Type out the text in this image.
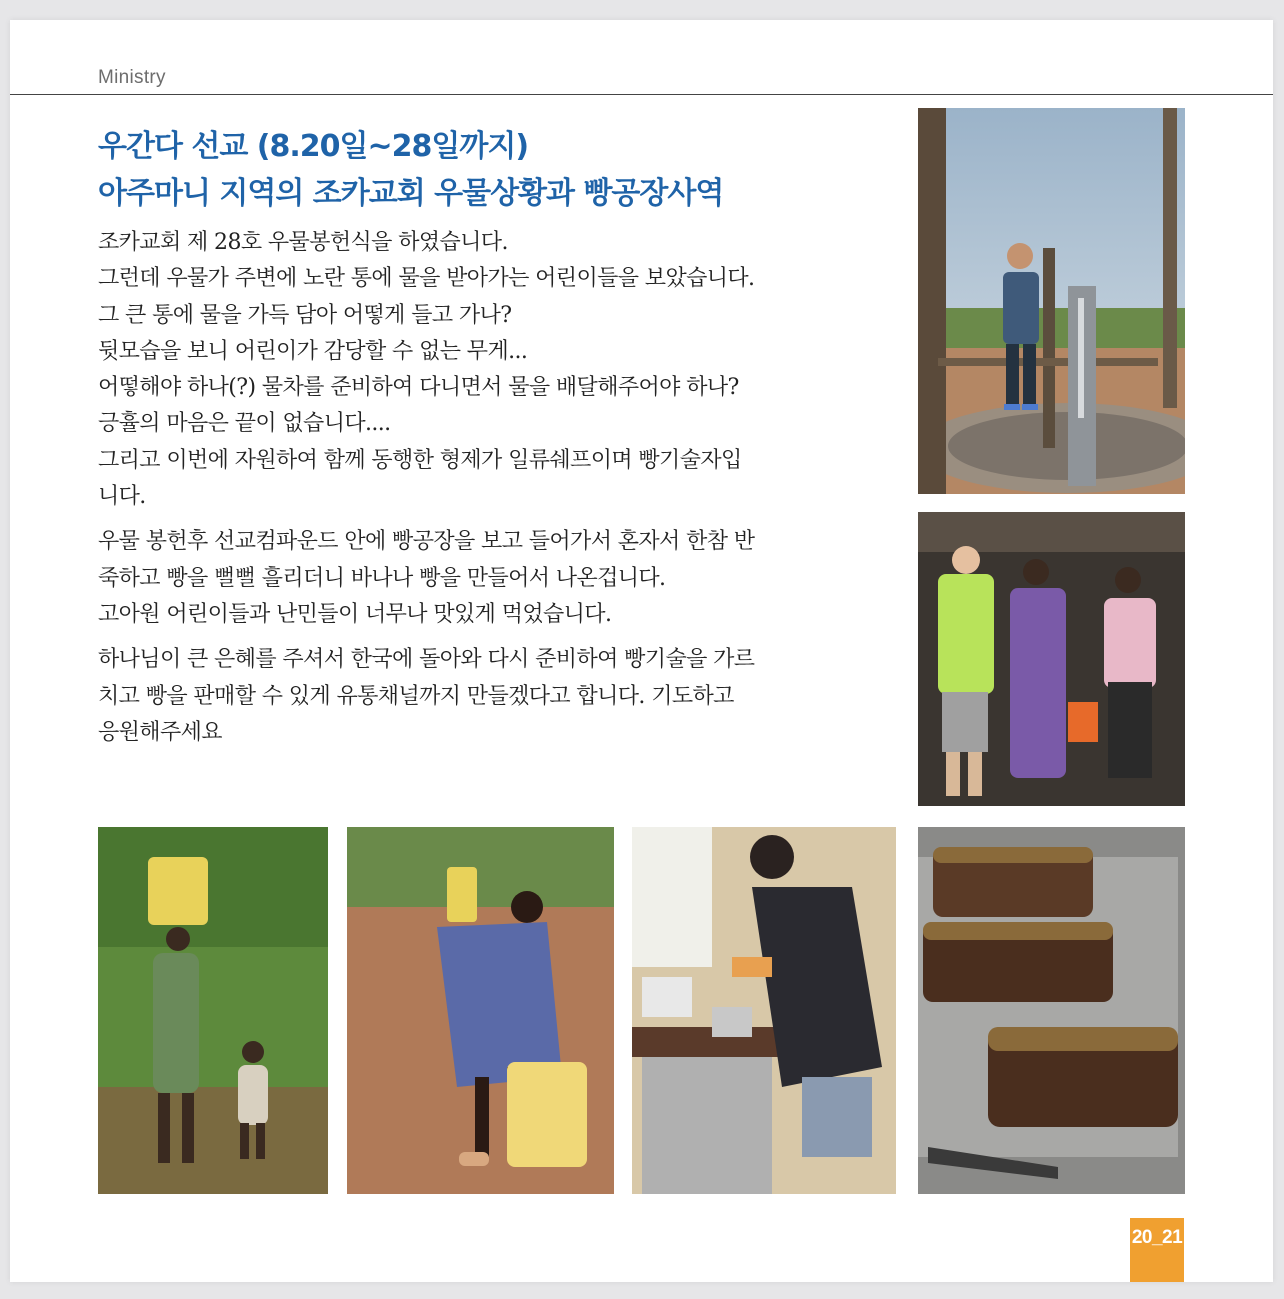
Ministry
우간다 선교 (8.20일~28일까지)
아주마니 지역의 조카교회 우물상황과 빵공장사역
조카교회 제 28호 우물봉헌식을 하였습니다.
그런데 우물가 주변에 노란 통에 물을 받아가는 어린이들을 보았습니다.
그 큰 통에 물을 가득 담아 어떻게 들고 가나?
뒷모습을 보니 어린이가 감당할 수 없는 무게...
어떻해야 하나(?) 물차를 준비하여 다니면서 물을 배달해주어야 하나?
긍휼의 마음은 끝이 없습니다....
그리고 이번에 자원하여 함께 동행한 형제가 일류쉐프이며 빵기술자입
니다.
우물 봉헌후 선교컴파운드 안에 빵공장을 보고 들어가서 혼자서 한참 반
죽하고 빵을 뻘뻘 흘리더니 바나나 빵을 만들어서 나온겁니다.
고아원 어린이들과 난민들이 너무나 맛있게 먹었습니다.
하나님이 큰 은혜를 주셔서 한국에 돌아와 다시 준비하여 빵기술을 가르
치고 빵을 판매할 수 있게 유통채널까지 만들겠다고 합니다. 기도하고
응원해주세요
20_21
